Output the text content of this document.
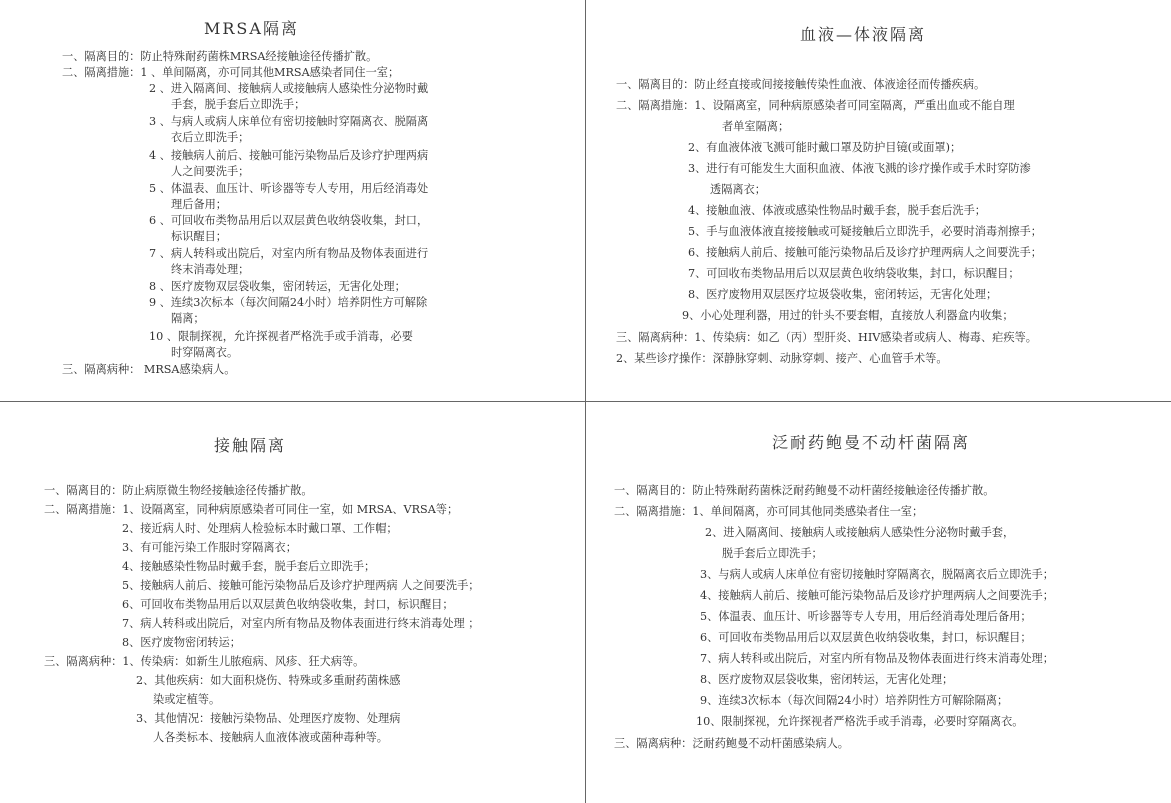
MRSA隔离
一、隔离目的：防止特殊耐药菌株MRSA经接触途径传播扩散。
二、隔离措施：1 、单间隔离，亦可同其他MRSA感染者同住一室；
2 、进入隔离间、接触病人或接触病人感染性分泌物时戴
手套，脱手套后立即洗手；
3 、与病人或病人床单位有密切接触时穿隔离衣、脱隔离
衣后立即洗手；
4 、接触病人前后、接触可能污染物品后及诊疗护理两病
人之间要洗手；
5 、体温表、血压计、听诊器等专人专用，用后经消毒处
理后备用；
6 、可回收布类物品用后以双层黄色收纳袋收集，封口，
标识醒目；
7 、病人转科或出院后，对室内所有物品及物体表面进行
终末消毒处理；
8 、医疗废物双层袋收集，密闭转运，无害化处理；
9 、连续3次标本（每次间隔24小时）培养阴性方可解除
隔离；
10 、限制探视，允许探视者严格洗手或手消毒，必要
时穿隔离衣。
三、隔离病种： MRSA感染病人。
血液—体液隔离
一、隔离目的：防止经直接或间接接触传染性血液、体液途径而传播疾病。
二、隔离措施：1、设隔离室，同种病原感染者可同室隔离，严重出血或不能自理
者单室隔离；
2、有血液体液飞溅可能时戴口罩及防护目镜(或面罩)；
3、进行有可能发生大面积血液、体液飞溅的诊疗操作或手术时穿防渗
透隔离衣；
4、接触血液、体液或感染性物品时戴手套，脱手套后洗手；
5、手与血液体液直接接触或可疑接触后立即洗手，必要时消毒剂擦手；
6、接触病人前后、接触可能污染物品后及诊疗护理两病人之间要洗手；
7、可回收布类物品用后以双层黄色收纳袋收集，封口，标识醒目；
8、医疗废物用双层医疗垃圾袋收集，密闭转运，无害化处理；
9、小心处理利器，用过的针头不要套帽，直接放人利器盒内收集；
三、隔离病种：1、传染病：如乙（丙）型肝炎、HIV感染者或病人、梅毒、疟疾等。
2、某些诊疗操作：深静脉穿刺、动脉穿刺、接产、心血管手术等。
接触隔离
一、隔离目的：防止病原微生物经接触途径传播扩散。
二、隔离措施：1、设隔离室，同种病原感染者可同住一室，如 MRSA、VRSA等；
2、接近病人时、处理病人检验标本时戴口罩、工作帽；
3、有可能污染工作服时穿隔离衣；
4、接触感染性物品时戴手套，脱手套后立即洗手；
5、接触病人前后、接触可能污染物品后及诊疗护理两病 人之间要洗手；
6、可回收布类物品用后以双层黄色收纳袋收集，封口，标识醒目；
7、病人转科或出院后，对室内所有物品及物体表面进行终末消毒处理 ；
8、医疗废物密闭转运；
三、隔离病种：1、传染病：如新生儿脓疱病、风疹、狂犬病等。
2、其他疾病：如大面积烧伤、特殊或多重耐药菌株感
染或定植等。
3、其他情况：接触污染物品、处理医疗废物、处理病
人各类标本、接触病人血液体液或菌种毒种等。
泛耐药鲍曼不动杆菌隔离
一、隔离目的：防止特殊耐药菌株泛耐药鲍曼不动杆菌经接触途径传播扩散。
二、隔离措施：1、单间隔离，亦可同其他同类感染者住一室；
2、进入隔离间、接触病人或接触病人感染性分泌物时戴手套，
脱手套后立即洗手；
3、与病人或病人床单位有密切接触时穿隔离衣，脱隔离衣后立即洗手；
4、接触病人前后、接触可能污染物品后及诊疗护理两病人之间要洗手；
5、体温表、血压计、听诊器等专人专用，用后经消毒处理后备用；
6、可回收布类物品用后以双层黄色收纳袋收集，封口，标识醒目；
7、病人转科或出院后，对室内所有物品及物体表面进行终末消毒处理；
8、医疗废物双层袋收集，密闭转运，无害化处理；
9、连续3次标本（每次间隔24小时）培养阴性方可解除隔离；
10、限制探视，允许探视者严格洗手或手消毒，必要时穿隔离衣。
三、隔离病种：泛耐药鲍曼不动杆菌感染病人。
